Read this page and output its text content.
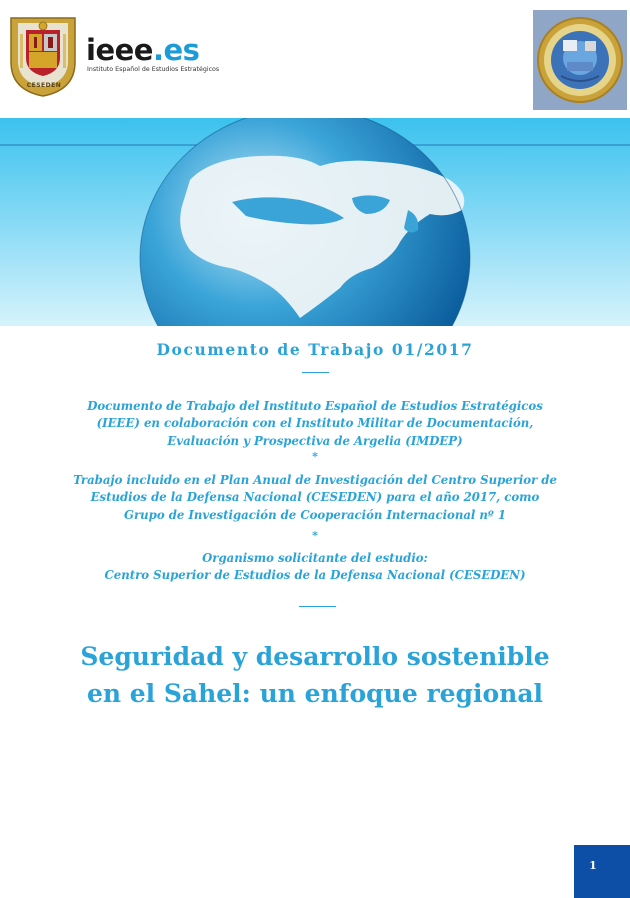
CESEDEN
ieee.es
Instituto Español de Estudios Estratégicos
Documento de Trabajo 01/2017
Documento de Trabajo del Instituto Español de Estudios Estratégicos (IEEE) en colaboración con el Instituto Militar de Documentación, Evaluación y Prospectiva de Argelia (IMDEP)
*
Trabajo incluido en el Plan Anual de Investigación del Centro Superior de Estudios de la Defensa Nacional (CESEDEN) para el año 2017, como Grupo de Investigación de Cooperación Internacional nº 1
*
Organismo solicitante del estudio:
Centro Superior de Estudios de la Defensa Nacional (CESEDEN)
Seguridad y desarrollo sostenible en el Sahel: un enfoque regional
1
